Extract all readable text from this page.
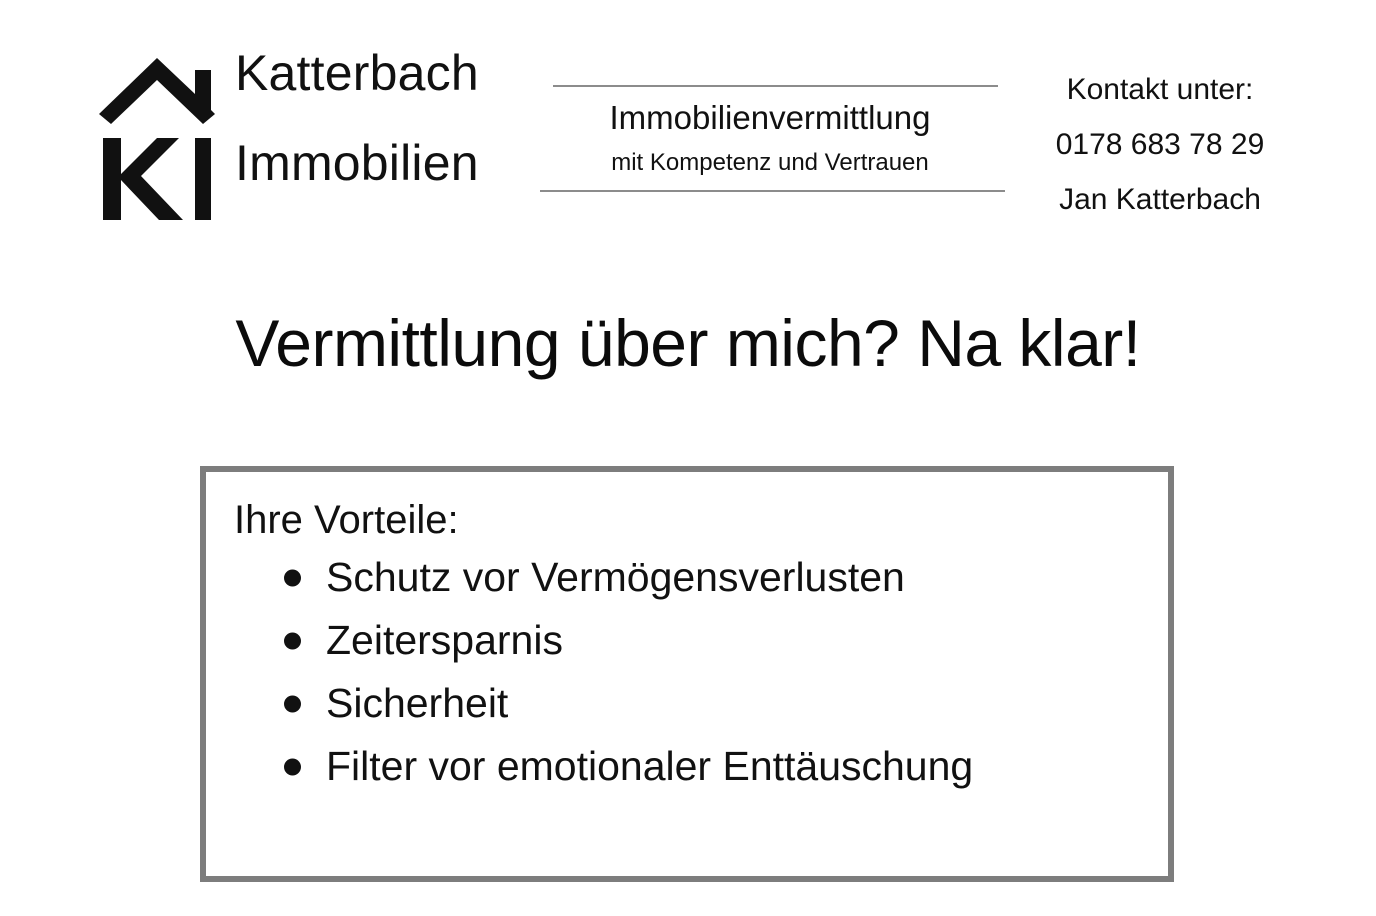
Katterbach
Immobilien
Immobilienvermittlung
mit Kompetenz und Vertrauen
Kontakt unter:
0178 683 78 29
Jan Katterbach
Vermittlung über mich? Na klar!
Ihre Vorteile:
Schutz vor Vermögensverlusten
Zeitersparnis
Sicherheit
Filter vor emotionaler Enttäuschung
